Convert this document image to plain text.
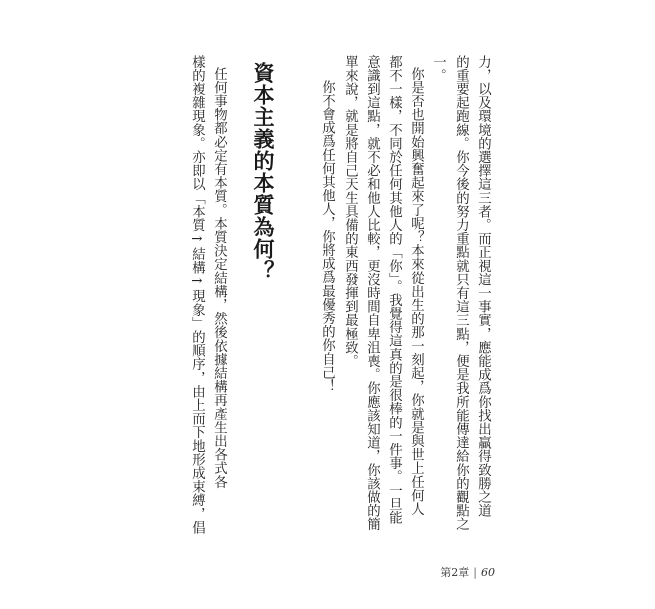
力，以及環境的選擇這三者。而正視這一事實，應能成爲你找出贏得致勝之道
的重要起跑線。你今後的努力重點就只有這三點，便是我所能傳達給你的觀點之
一。
你是否也開始興奮起來了呢？本來從出生的那一刻起，你就是與世上任何人
都不一樣，不同於任何其他人的「你」。我覺得這真的是很棒的一件事。一旦能
意識到這點，就不必和他人比較，更沒時間自卑沮喪。你應該知道，你該做的簡
單來說，就是將自己天生具備的東西發揮到最極致。
你不會成爲任何其他人，你將成爲最優秀的你自己！
資本主義的本質為何？
任何事物都必定有本質。本質決定結構，然後依據結構再產生出各式各
樣的複雜現象。亦即以「本質→結構→現象」的順序，由上而下地形成束縛，倡
第2章 | 60
